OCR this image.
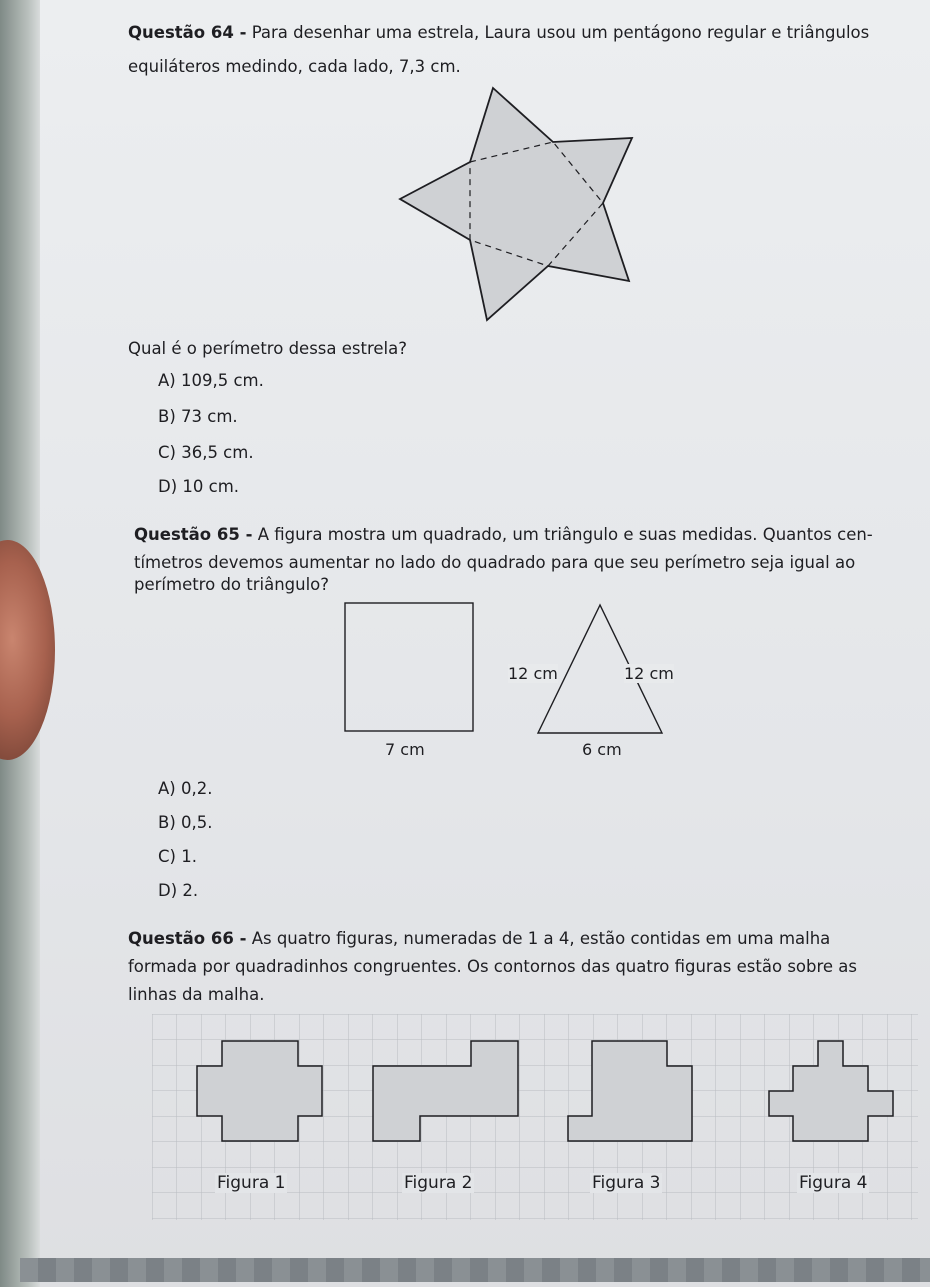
Questão 64 - Para desenhar uma estrela, Laura usou um pentágono regular e triângulos
equiláteros medindo, cada lado, 7,3 cm.
Qual é o perímetro dessa estrela?
A) 109,5 cm.
B) 73 cm.
C) 36,5 cm.
D) 10 cm.
Questão 65 - A figura mostra um quadrado, um triângulo e suas medidas. Quantos cen-
tímetros devemos aumentar no lado do quadrado para que seu perímetro seja igual ao
perímetro do triângulo?
7 cm
12 cm	12 cm
6 cm
A) 0,2.
B) 0,5.
C) 1.
D) 2.
Questão 66 - As quatro figuras, numeradas de 1 a 4, estão contidas em uma malha
formada por quadradinhos congruentes. Os contornos das quatro figuras estão sobre as
linhas da malha.
Figura 1	Figura 2	Figura 3	Figura 4
